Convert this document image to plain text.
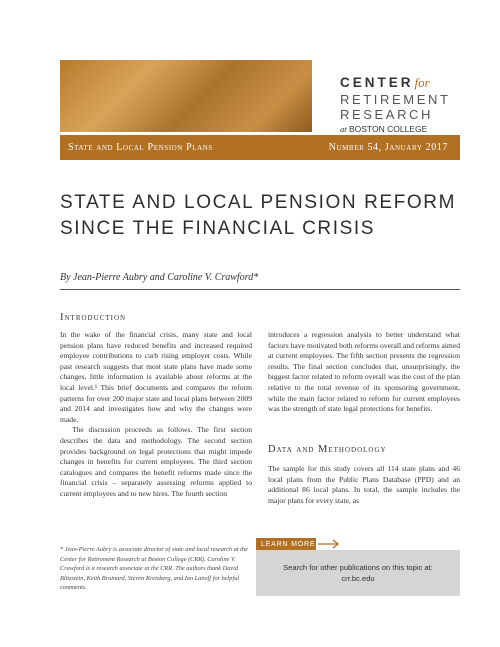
CENTERfor
RETIREMENT
RESEARCH
at BOSTON COLLEGE
State and Local Pension Plans	Number 54, January 2017
STATE AND LOCAL PENSION REFORM
SINCE THE FINANCIAL CRISIS
By Jean-Pierre Aubry and Caroline V. Crawford*
Introduction

In the wake of the financial crisis, many state and local pension plans have reduced benefits and increased required employee contributions to curb rising employer costs. While past research suggests that most state plans have made some changes, little information is available about reforms at the local level.¹ This brief documents and compares the reform patterns for over 200 major state and local plans between 2009 and 2014 and investigates how and why the changes were made.

The discussion proceeds as follows. The first section describes the data and methodology. The second section provides background on legal protections that might impede changes in benefits for current employees. The third section catalogues and compares the benefit reforms made since the financial crisis – separately assessing reforms applied to current employees and to new hires. The fourth section

introduces a regression analysis to better understand what factors have motivated both reforms overall and reforms aimed at current employees. The fifth section presents the regression results. The final section concludes that, unsurprisingly, the biggest factor related to reform overall was the cost of the plan relative to the total revenue of its sponsoring government, while the main factor related to reform for current employees was the strength of state legal protections for benefits.

Data and Methodology

The sample for this study covers all 114 state plans and 46 local plans from the Public Plans Database (PPD) and an additional 86 local plans. In total, the sample includes the major plans for every state, as

* Jean-Pierre Aubry is associate director of state and local research at the Center for Retirement Research at Boston College (CRR). Caroline V. Crawford is a research associate at the CRR. The authors thank David Blitzstein, Keith Brainard, Steven Kreisberg, and Ian Lanoff for helpful comments.
LEARN MORE
Search for other publications on this topic at:
crr.bc.edu
